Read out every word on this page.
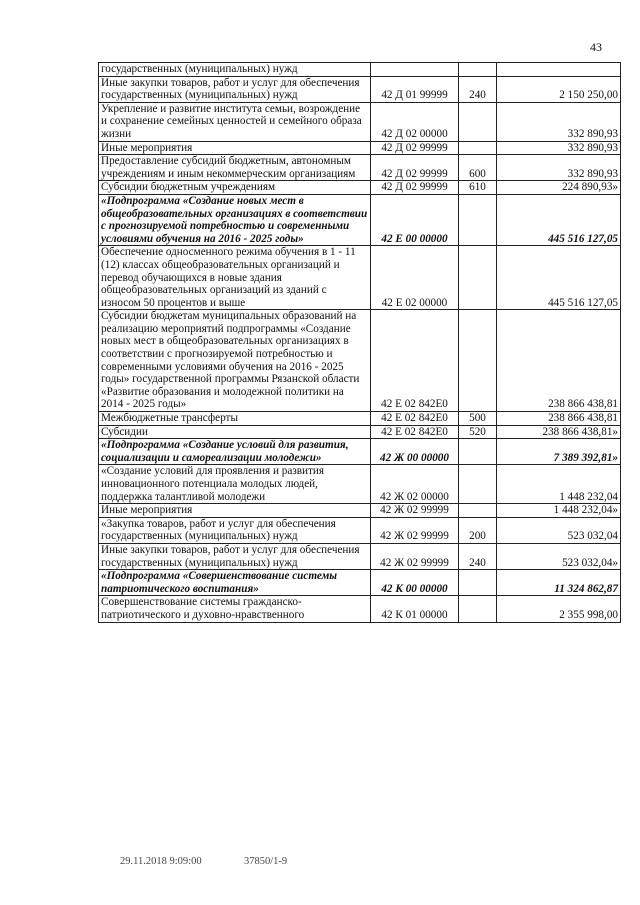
43
государственных (муниципальных) нужд			
Иные закупки товаров, работ и услуг для обеспечения государственных (муниципальных) нужд	42 Д 01 99999	240	2 150 250,00
Укрепление и развитие института семьи, возрождение и сохранение семейных ценностей и семейного образа жизни	42 Д 02 00000		332 890,93
Иные мероприятия	42 Д 02 99999		332 890,93
Предоставление субсидий бюджетным, автономным учреждениям и иным некоммерческим организациям	42 Д 02 99999	600	332 890,93
Субсидии бюджетным учреждениям	42 Д 02 99999	610	224 890,93»
«Подпрограмма «Создание новых мест в общеобразовательных организациях в соответствии с прогнозируемой потребностью и современными условиями обучения на 2016 - 2025 годы»	42 Е 00 00000		445 516 127,05
Обеспечение односменного режима обучения в 1 - 11 (12) классах общеобразовательных организаций и перевод обучающихся в новые здания общеобразовательных организаций из зданий с износом 50 процентов и выше	42 Е 02 00000		445 516 127,05
Субсидии бюджетам муниципальных образований на реализацию мероприятий подпрограммы «Создание новых мест в общеобразовательных организациях в соответствии с прогнозируемой потребностью и современными условиями обучения на 2016 - 2025 годы» государственной программы Рязанской области «Развитие образования и молодежной политики на 2014 - 2025 годы»	42 Е 02 842Е0		238 866 438,81
Межбюджетные трансферты	42 Е 02 842Е0	500	238 866 438,81
Субсидии	42 Е 02 842Е0	520	238 866 438,81»
«Подпрограмма «Создание условий для развития, социализации и самореализации молодежи»	42 Ж 00 00000		7 389 392,81»
«Создание условий для проявления и развития инновационного потенциала молодых людей, поддержка талантливой молодежи	42 Ж 02 00000		1 448 232,04
Иные мероприятия	42 Ж 02 99999		1 448 232,04»
«Закупка товаров, работ и услуг для обеспечения государственных (муниципальных) нужд	42 Ж 02 99999	200	523 032,04
Иные закупки товаров, работ и услуг для обеспечения государственных (муниципальных) нужд	42 Ж 02 99999	240	523 032,04»
«Подпрограмма «Совершенствование системы патриотического воспитания»	42 К 00 00000		11 324 862,87
Совершенствование системы гражданско-патриотического и духовно-нравственного	42 К 01 00000		2 355 998,00
29.11.2018 9:09:00	37850/1-9
